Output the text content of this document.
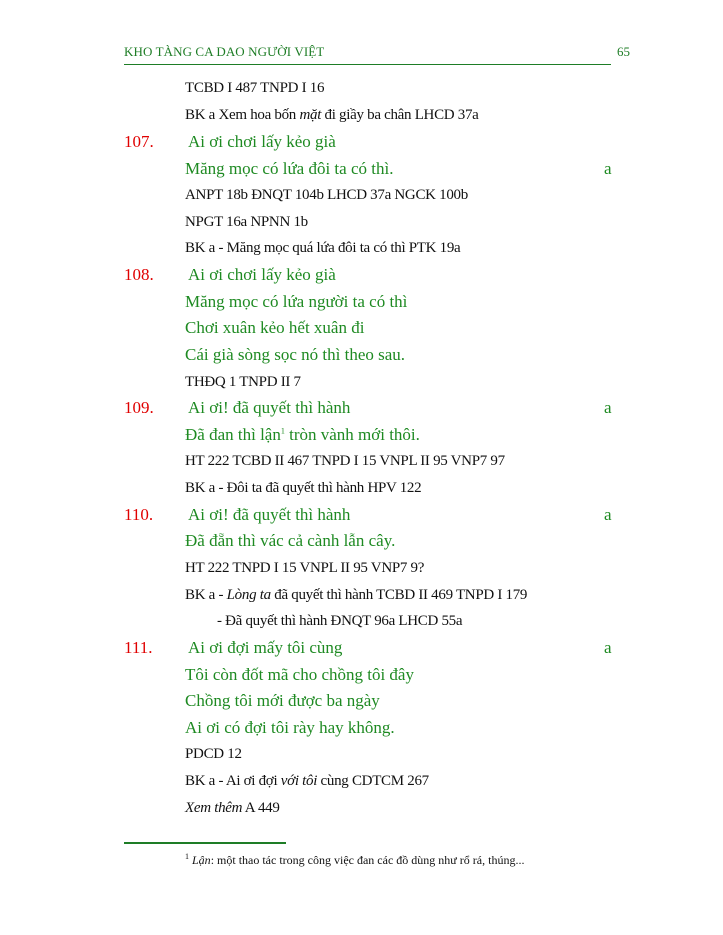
KHO TÀNG CA DAO NGƯỜI VIỆT	65
TCBD I 487 TNPD I 16
BK a Xem hoa bốn mặt đi giầy ba chân LHCD 37a
107. Ai ơi chơi lấy kẻo già
Măng mọc có lứa đôi ta có thì.	a
ANPT 18b ĐNQT 104b LHCD 37a NGCK 100b
NPGT 16a NPNN 1b
BK a - Măng mọc quá lứa đôi ta có thì PTK 19a
108. Ai ơi chơi lấy kẻo già
Măng mọc có lứa người ta có thì
Chơi xuân kẻo hết xuân đi
Cái già sòng sọc nó thì theo sau.
THĐQ 1 TNPD II 7
109. Ai ơi! đã quyết thì hành	a
Đã đan thì lận$^1$ tròn vành mới thôi.
HT 222 TCBD II 467 TNPD I 15 VNPL II 95 VNP7 97
BK a - Đôi ta đã quyết thì hành HPV 122
110. Ai ơi! đã quyết thì hành	a
Đã đẵn thì vác cả cành lẫn cây.
HT 222 TNPD I 15 VNPL II 95 VNP7 9?
BK a - Lòng ta đã quyết thì hành TCBD II 469 TNPD I 179
- Đã quyết thì hành ĐNQT 96a LHCD 55a
111. Ai ơi đợi mấy tôi cùng	a
Tôi còn đốt mã cho chồng tôi đây
Chồng tôi mới được ba ngày
Ai ơi có đợi tôi rày hay không.
PDCD 12
BK a - Ai ơi đợi với tôi cùng CDTCM 267
Xem thêm A 449
$^1$ Lận: một thao tác trong công việc đan các đồ dùng như rổ rá, thúng...
